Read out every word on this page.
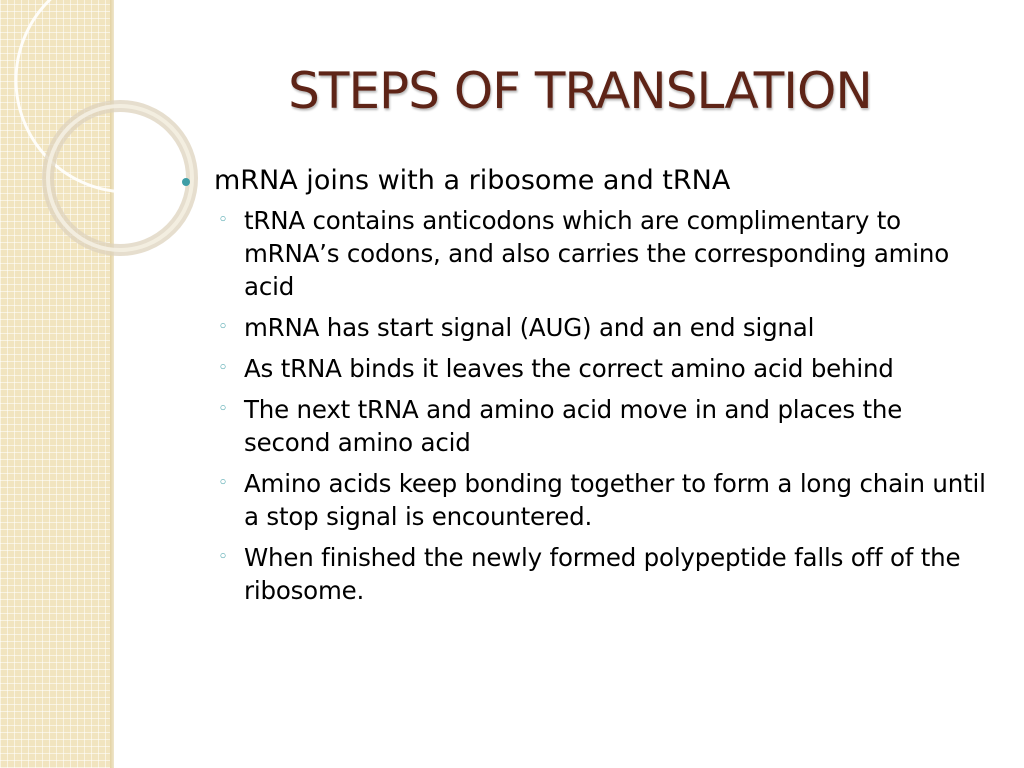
STEPS OF TRANSLATION
mRNA joins with a ribosome and tRNA
◦ tRNA contains anticodons which are complimentary to mRNA’s codons, and also carries the corresponding amino acid
◦ mRNA has start signal (AUG) and an end signal
◦ As tRNA binds it leaves the correct amino acid behind
◦ The next tRNA and amino acid move in and places the second amino acid
◦ Amino acids keep bonding together to form a long chain until a stop signal is encountered.
◦ When finished the newly formed polypeptide falls off of the ribosome.
